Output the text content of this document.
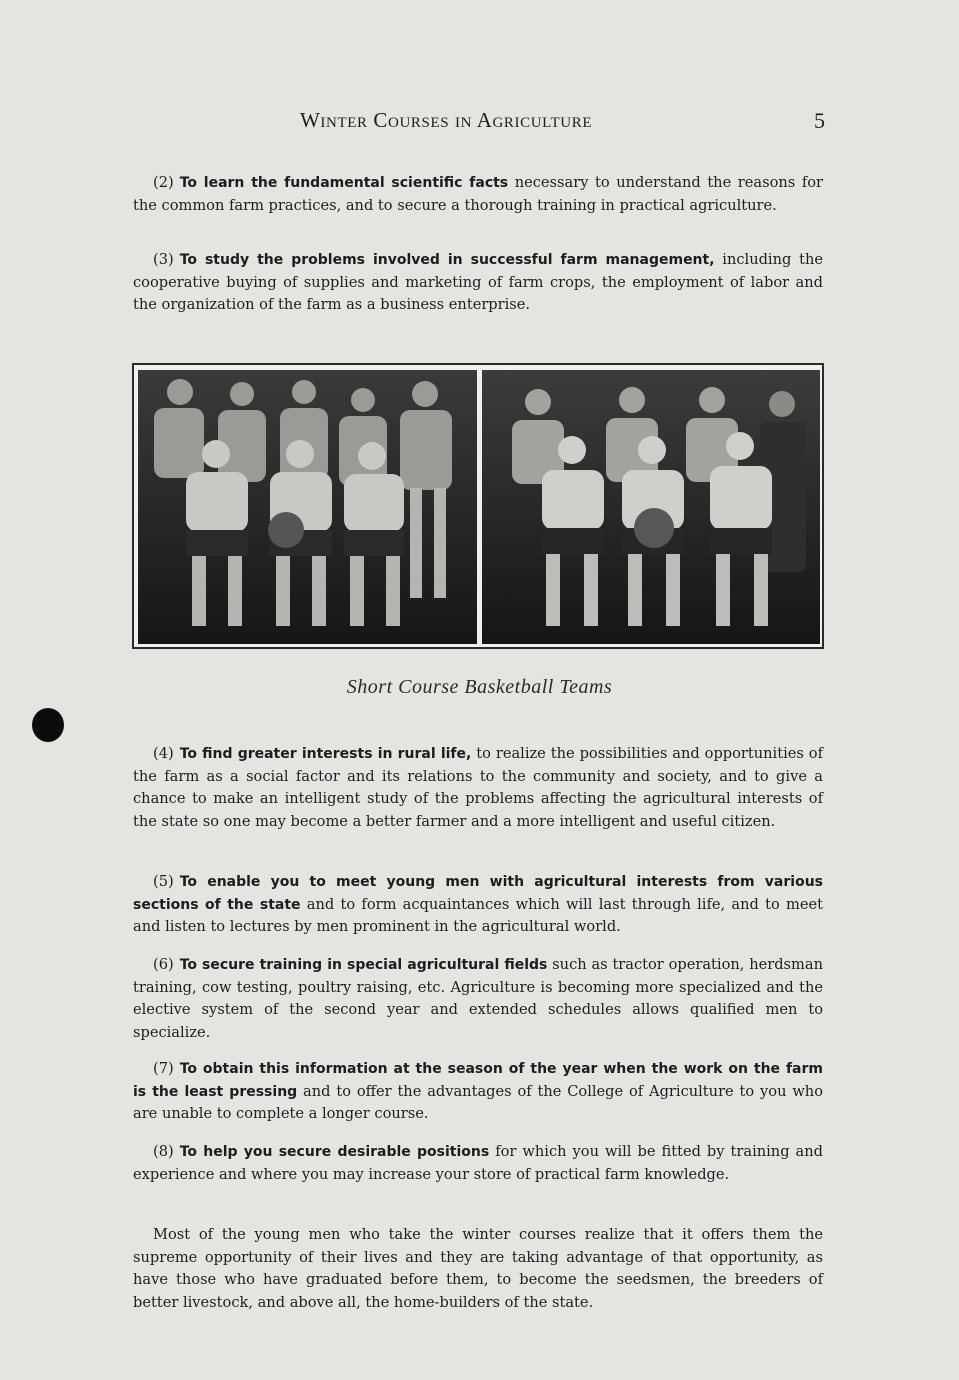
Winter Courses in Agriculture	5

(2) To learn the fundamental scientific facts necessary to understand the reasons for the common farm practices, and to secure a thorough training in practical agriculture.

(3) To study the problems involved in successful farm management, including the cooperative buying of supplies and marketing of farm crops, the employment of labor and the organization of the farm as a business enterprise.

Short Course Basketball Teams

(4) To find greater interests in rural life, to realize the possibilities and opportunities of the farm as a social factor and its relations to the community and society, and to give a chance to make an intelligent study of the problems affecting the agricultural interests of the state so one may become a better farmer and a more intelligent and useful citizen.

(5) To enable you to meet young men with agricultural interests from various sections of the state and to form acquaintances which will last through life, and to meet and listen to lectures by men prominent in the agricultural world.

(6) To secure training in special agricultural fields such as tractor operation, herdsman training, cow testing, poultry raising, etc. Agriculture is becoming more specialized and the elective system of the second year and extended schedules allows qualified men to specialize.

(7) To obtain this information at the season of the year when the work on the farm is the least pressing and to offer the advantages of the College of Agriculture to you who are unable to complete a longer course.

(8) To help you secure desirable positions for which you will be fitted by training and experience and where you may increase your store of practical farm knowledge.

Most of the young men who take the winter courses realize that it offers them the supreme opportunity of their lives and they are taking advantage of that opportunity, as have those who have graduated before them, to become the seedsmen, the breeders of better livestock, and above all, the home-builders of the state.
